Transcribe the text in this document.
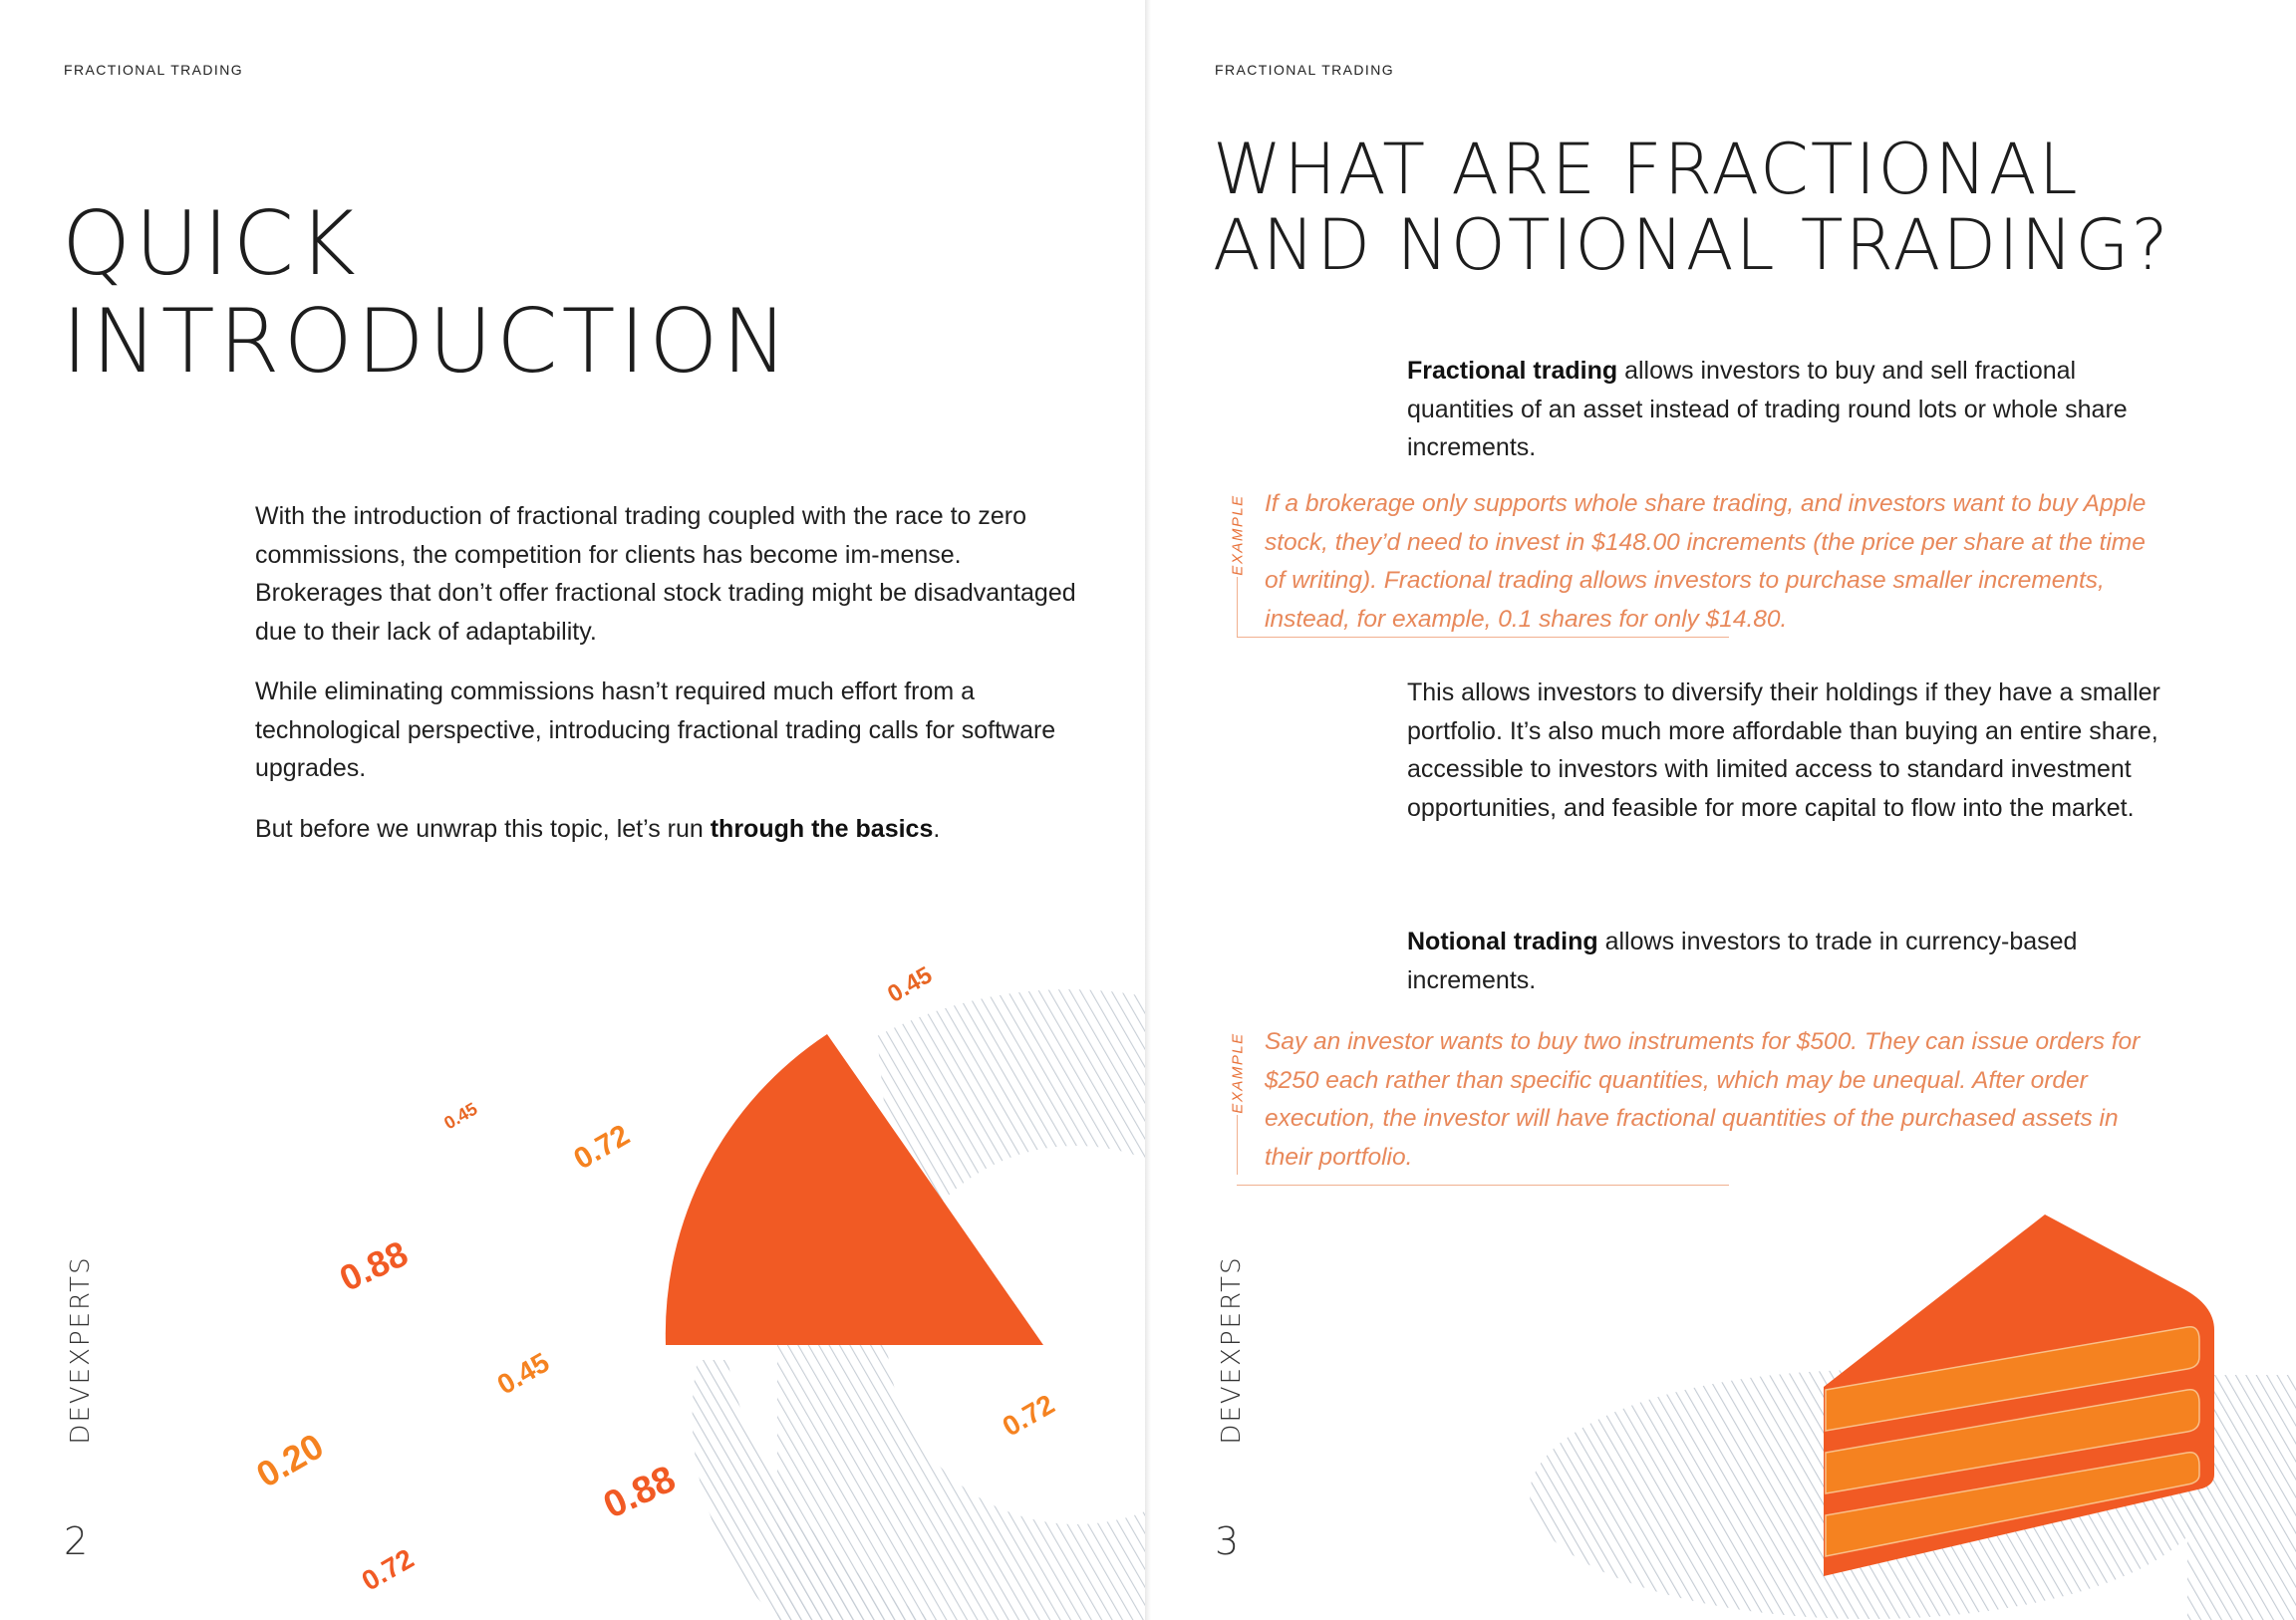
FRACTIONAL TRADING
QUICK
INTRODUCTION

With the introduction of fractional trading coupled with the race to zero commissions, the competition for clients has become im-mense. Brokerages that don’t offer fractional stock trading might be disadvantaged due to their lack of adaptability.

While eliminating commissions hasn’t required much effort from a technological perspective, introducing fractional trading calls for software upgrades.

But before we unwrap this topic, let’s run through the basics.

0.45
0.45
0.72
0.88
0.45
0.72
0.20	0.88
0.72
DEVEXPERTS
2
FRACTIONAL TRADING
WHAT ARE FRACTIONAL
AND NOTIONAL TRADING?

Fractional trading allows investors to buy and sell fractional quantities of an asset instead of trading round lots or whole share increments.

EXAMPLE If a brokerage only supports whole share trading, and investors want to buy Apple stock, they’d need to invest in $148.00 increments (the price per share at the time of writing). Fractional trading allows investors to purchase smaller increments, instead, for example, 0.1 shares for only $14.80.

This allows investors to diversify their holdings if they have a smaller portfolio. It’s also much more affordable than buying an entire share, accessible to investors with limited access to standard investment opportunities, and feasible for more capital to flow into the market.

Notional trading allows investors to trade in currency-based increments.

EXAMPLE Say an investor wants to buy two instruments for $500. They can issue orders for $250 each rather than specific quantities, which may be unequal. After order execution, the investor will have fractional quantities of the purchased assets in their portfolio.
DEVEXPERTS
3
